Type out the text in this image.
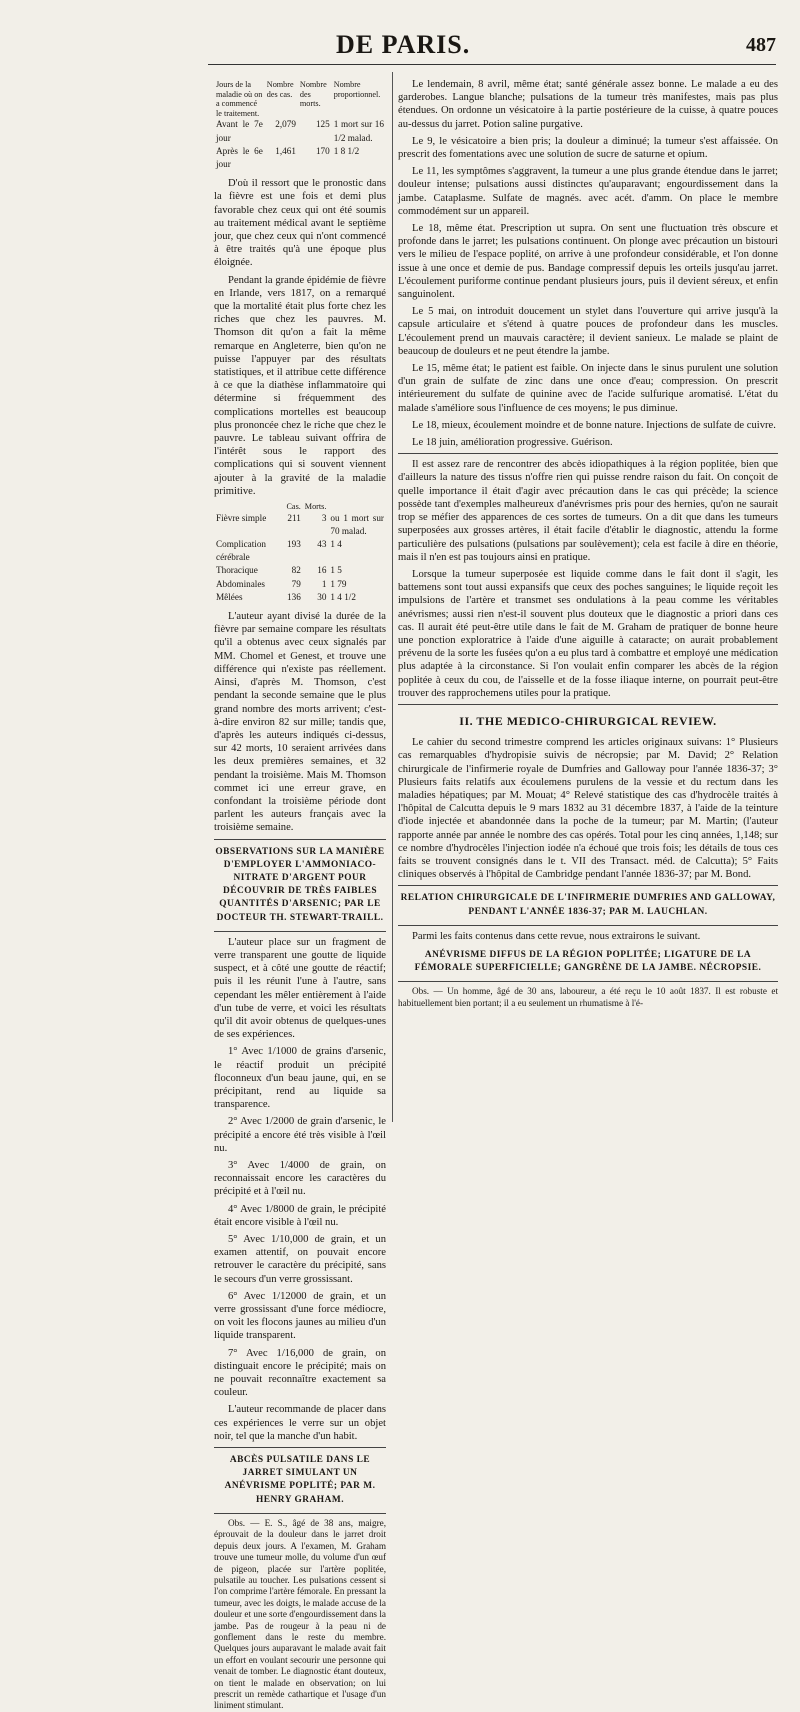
DE PARIS.	487
Jours de la maladie où on a commencé le traitement.	Nombre des cas.	Nombre des morts.	Nombre proportionnel.
Avant le 7e jour	2,079	125	1 mort sur 16 1/2 malad.
Après le 6e jour	1,461	170	1 8 1/2

D'où il ressort que le pronostic dans la fièvre est une fois et demi plus favorable chez ceux qui ont été soumis au traitement médical avant le septième jour, que chez ceux qui n'ont commencé à être traités qu'à une époque plus éloignée.

Pendant la grande épidémie de fièvre en Irlande, vers 1817, on a remarqué que la mortalité était plus forte chez les riches que chez les pauvres. M. Thomson dit qu'on a fait la même remarque en Angleterre, bien qu'on ne puisse l'appuyer par des résultats statistiques, et il attribue cette différence à ce que la diathèse inflammatoire qui détermine si fréquemment des complications mortelles est beaucoup plus prononcée chez le riche que chez le pauvre. Le tableau suivant offrira de l'intérêt sous le rapport des complications qui si souvent viennent ajouter à la gravité de la maladie primitive.

	Cas.	Morts.	
Fièvre simple	211	3	ou 1 mort sur 70 malad.
Complication cérébrale	193	43	1 4
Thoracique	82	16	1 5
Abdominales	79	1	1 79
Mêlées	136	30	1 4 1/2

L'auteur ayant divisé la durée de la fièvre par semaine compare les résultats qu'il a obtenus avec ceux signalés par MM. Chomel et Genest, et trouve une différence qui n'existe pas réellement. Ainsi, d'après M. Thomson, c'est pendant la seconde semaine que le plus grand nombre des morts arrivent; c'est-à-dire environ 82 sur mille; tandis que, d'après les auteurs indiqués ci-dessus, sur 42 morts, 10 seraient arrivées dans les deux premières semaines, et 32 pendant la troisième. Mais M. Thomson commet ici une erreur grave, en confondant la troisième période dont parlent les auteurs français avec la troisième semaine.

OBSERVATIONS SUR LA MANIÈRE D'EMPLOYER L'AMMONIACO-NITRATE D'ARGENT POUR DÉCOUVRIR DE TRÈS FAIBLES QUANTITÉS D'ARSENIC; PAR LE DOCTEUR TH. STEWART-TRAILL.

L'auteur place sur un fragment de verre transparent une goutte de liquide suspect, et à côté une goutte de réactif; puis il les réunit l'une à l'autre, sans cependant les mêler entièrement à l'aide d'un tube de verre, et voici les résultats qu'il dit avoir obtenus de quelques-unes de ses expériences.

1° Avec 1/1000 de grains d'arsenic, le réactif produit un précipité floconneux d'un beau jaune, qui, en se précipitant, rend au liquide sa transparence.

2° Avec 1/2000 de grain d'arsenic, le précipité a encore été très visible à l'œil nu.

3° Avec 1/4000 de grain, on reconnaissait encore les caractères du précipité et à l'œil nu.

4° Avec 1/8000 de grain, le précipité était encore visible à l'œil nu.

5° Avec 1/10,000 de grain, et un examen attentif, on pouvait encore retrouver le caractère du précipité, sans le secours d'un verre grossissant.

6° Avec 1/12000 de grain, et un verre grossissant d'une force médiocre, on voit les flocons jaunes au milieu d'un liquide transparent.

7° Avec 1/16,000 de grain, on distinguait encore le précipité; mais on ne pouvait reconnaître exactement sa couleur.

L'auteur recommande de placer dans ces expériences le verre sur un objet noir, tel que la manche d'un habit.

ABCÈS PULSATILE DANS LE JARRET SIMULANT UN ANÉVRISME POPLITÉ; PAR M. HENRY GRAHAM.

Obs. — E. S., âgé de 38 ans, maigre, éprouvait de la douleur dans le jarret droit depuis deux jours. A l'examen, M. Graham trouve une tumeur molle, du volume d'un œuf de pigeon, placée sur l'artère poplitée, pulsatile au toucher. Les pulsations cessent si l'on comprime l'artère fémorale. En pressant la tumeur, avec les doigts, le malade accuse de la douleur et une sorte d'engourdissement dans la jambe. Pas de rougeur à la peau ni de gonflement dans le reste du membre. Quelques jours auparavant le malade avait fait un effort en voulant secourir une personne qui venait de tomber. Le diagnostic étant douteux, on tient le malade en observation; on lui prescrit un remède cathartique et l'usage d'un liniment stimulant.

Le lendemain, 8 avril, même état; santé générale assez bonne. Le malade a eu des garderobes. Langue blanche; pulsations de la tumeur très manifestes, mais pas plus étendues. On ordonne un vésicatoire à la partie postérieure de la cuisse, à quatre pouces au-dessus du jarret. Potion saline purgative.

Le 9, le vésicatoire a bien pris; la douleur a diminué; la tumeur s'est affaissée. On prescrit des fomentations avec une solution de sucre de saturne et opium.

Le 11, les symptômes s'aggravent, la tumeur a une plus grande étendue dans le jarret; douleur intense; pulsations aussi distinctes qu'auparavant; engourdissement dans la jambe. Cataplasme. Sulfate de magnés. avec acét. d'amm. On place le membre commodément sur un appareil.

Le 18, même état. Prescription ut supra. On sent une fluctuation très obscure et profonde dans le jarret; les pulsations continuent. On plonge avec précaution un bistouri vers le milieu de l'espace poplité, on arrive à une profondeur considérable, et l'on donne issue à une once et demie de pus. Bandage compressif depuis les orteils jusqu'au jarret. L'écoulement puriforme continue pendant plusieurs jours, puis il devient séreux, et enfin sanguinolent.

Le 5 mai, on introduit doucement un stylet dans l'ouverture qui arrive jusqu'à la capsule articulaire et s'étend à quatre pouces de profondeur dans les muscles. L'écoulement prend un mauvais caractère; il devient sanieux. Le malade se plaint de beaucoup de douleurs et ne peut étendre la jambe.

Le 15, même état; le patient est faible. On injecte dans le sinus purulent une solution d'un grain de sulfate de zinc dans une once d'eau; compression. On prescrit intérieurement du sulfate de quinine avec de l'acide sulfurique aromatisé. L'état du malade s'améliore sous l'influence de ces moyens; le pus diminue.

Le 18, mieux, écoulement moindre et de bonne nature. Injections de sulfate de cuivre.

Le 18 juin, amélioration progressive. Guérison.

Il est assez rare de rencontrer des abcès idiopathiques à la région poplitée, bien que d'ailleurs la nature des tissus n'offre rien qui puisse rendre raison du fait. On conçoit de quelle importance il était d'agir avec précaution dans le cas qui précède; la science possède tant d'exemples malheureux d'anévrismes pris pour des hernies, qu'on ne saurait trop se méfier des apparences de ces sortes de tumeurs. On a dit que dans les tumeurs superposées aux grosses artères, il était facile d'établir le diagnostic, attendu la forme particulière des pulsations (pulsations par soulèvement); cela est facile à dire en théorie, mais il n'en est pas toujours ainsi en pratique.

Lorsque la tumeur superposée est liquide comme dans le fait dont il s'agit, les battemens sont tout aussi expansifs que ceux des poches sanguines; le liquide reçoit les impulsions de l'artère et transmet ses ondulations à la peau comme les véritables anévrismes; aussi rien n'est-il souvent plus douteux que le diagnostic a priori dans ces cas. Il aurait été peut-être utile dans le fait de M. Graham de pratiquer de bonne heure une ponction exploratrice à l'aide d'une aiguille à cataracte; on aurait probablement prévenu de la sorte les fusées qu'on a eu plus tard à combattre et employé une médication plus adaptée à la circonstance. Si l'on voulait enfin comparer les abcès de la région poplitée à ceux du cou, de l'aisselle et de la fosse iliaque interne, on pourrait peut-être trouver des rapprochemens utiles pour la pratique.

II. THE MEDICO-CHIRURGICAL REVIEW.

Le cahier du second trimestre comprend les articles originaux suivans: 1° Plusieurs cas remarquables d'hydropisie suivis de nécropsie; par M. David; 2° Relation chirurgicale de l'infirmerie royale de Dumfries and Galloway pour l'année 1836-37; 3° Plusieurs faits relatifs aux écoulemens purulens de la vessie et du rectum dans les maladies hépatiques; par M. Mouat; 4° Relevé statistique des cas d'hydrocèle traités à l'hôpital de Calcutta depuis le 9 mars 1832 au 31 décembre 1837, à l'aide de la teinture d'iode injectée et abandonnée dans la poche de la tumeur; par M. Martin; (l'auteur rapporte année par année le nombre des cas opérés. Total pour les cinq années, 1,148; sur ce nombre d'hydrocèles l'injection iodée n'a échoué que trois fois; les détails de tous ces faits se trouvent consignés dans le t. VII des Transact. méd. de Calcutta); 5° Faits cliniques observés à l'hôpital de Cambridge pendant l'année 1836-37; par M. Bond.

RELATION CHIRURGICALE DE L'INFIRMERIE DUMFRIES AND GALLOWAY, PENDANT L'ANNÉE 1836-37; PAR M. LAUCHLAN.

Parmi les faits contenus dans cette revue, nous extrairons le suivant.

ANÉVRISME DIFFUS DE LA RÉGION POPLITÉE; LIGATURE DE LA FÉMORALE SUPERFICIELLE; GANGRÈNE DE LA JAMBE. NÉCROPSIE.

Obs. — Un homme, âgé de 30 ans, laboureur, a été reçu le 10 août 1837. Il est robuste et habituellement bien portant; il a eu seulement un rhumatisme à l'é-
